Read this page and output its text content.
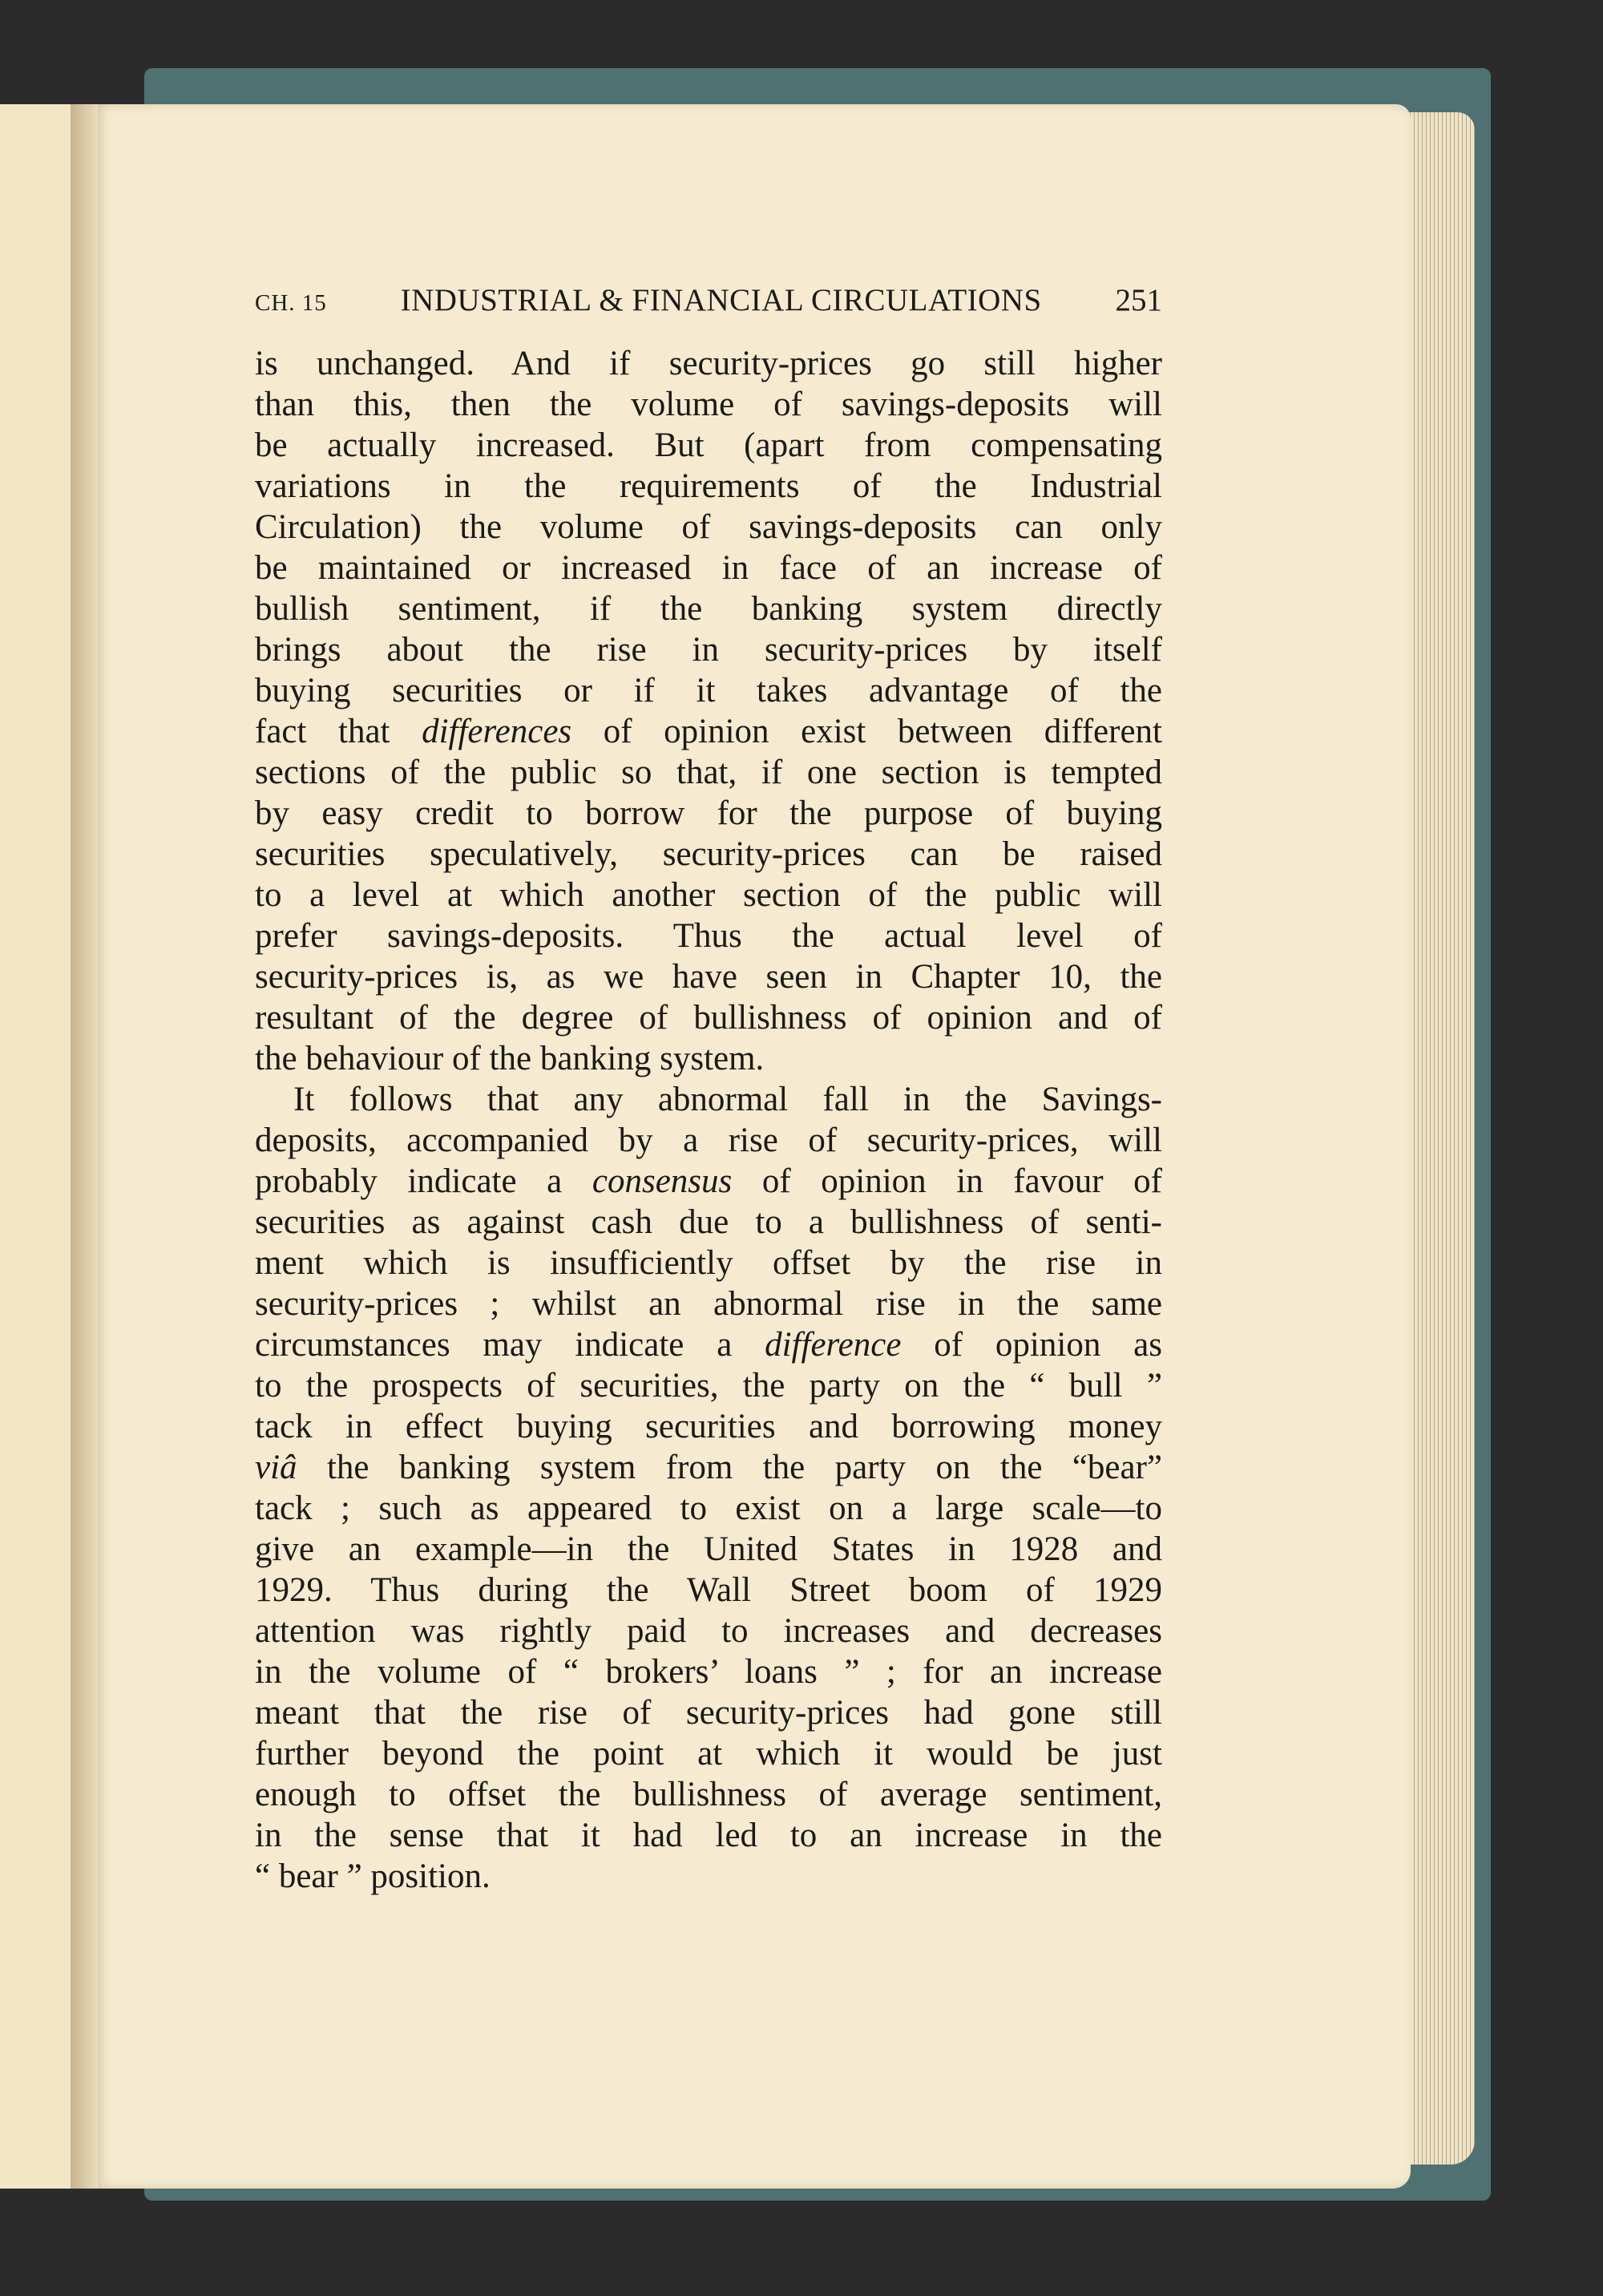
CH. 15 INDUSTRIAL & FINANCIAL CIRCULATIONS 251
is unchanged. And if security-prices go still higher
than this, then the volume of savings-deposits will
be actually increased. But (apart from compensating
variations in the requirements of the Industrial
Circulation) the volume of savings-deposits can only
be maintained or increased in face of an increase of
bullish sentiment, if the banking system directly
brings about the rise in security-prices by itself
buying securities or if it takes advantage of the
fact that differences of opinion exist between different
sections of the public so that, if one section is tempted
by easy credit to borrow for the purpose of buying
securities speculatively, security-prices can be raised
to a level at which another section of the public will
prefer savings-deposits. Thus the actual level of
security-prices is, as we have seen in Chapter 10, the
resultant of the degree of bullishness of opinion and of
the behaviour of the banking system.
It follows that any abnormal fall in the Savings-
deposits, accompanied by a rise of security-prices, will
probably indicate a consensus of opinion in favour of
securities as against cash due to a bullishness of senti-
ment which is insufficiently offset by the rise in
security-prices ; whilst an abnormal rise in the same
circumstances may indicate a difference of opinion as
to the prospects of securities, the party on the “ bull ”
tack in effect buying securities and borrowing money
viâ the banking system from the party on the “bear”
tack ; such as appeared to exist on a large scale—to
give an example—in the United States in 1928 and
1929. Thus during the Wall Street boom of 1929
attention was rightly paid to increases and decreases
in the volume of “ brokers’ loans ” ; for an increase
meant that the rise of security-prices had gone still
further beyond the point at which it would be just
enough to offset the bullishness of average sentiment,
in the sense that it had led to an increase in the
“ bear ” position.
